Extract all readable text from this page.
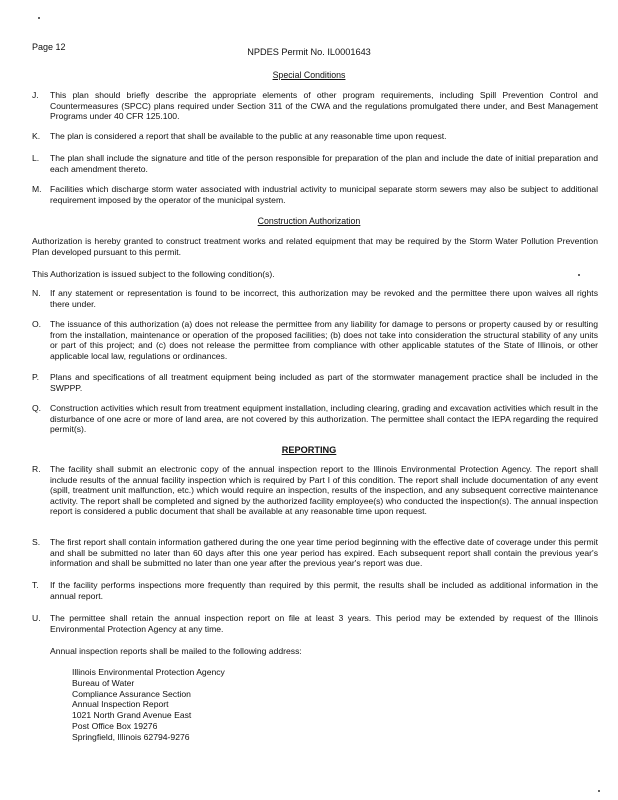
Page 12	NPDES Permit No. IL0001643
Special Conditions
J.	This plan should briefly describe the appropriate elements of other program requirements, including Spill Prevention Control and Countermeasures (SPCC) plans required under Section 311 of the CWA and the regulations promulgated there under, and Best Management Programs under 40 CFR 125.100.
K.	The plan is considered a report that shall be available to the public at any reasonable time upon request.
L.	The plan shall include the signature and title of the person responsible for preparation of the plan and include the date of initial preparation and each amendment thereto.
M. Facilities which discharge storm water associated with industrial activity to municipal separate storm sewers may also be subject to additional requirement imposed by the operator of the municipal system.
Construction Authorization
Authorization is hereby granted to construct treatment works and related equipment that may be required by the Storm Water Pollution Prevention Plan developed pursuant to this permit.
This Authorization is issued subject to the following condition(s).
N.	If any statement or representation is found to be incorrect, this authorization may be revoked and the permittee there upon waives all rights there under.
O.	The issuance of this authorization (a) does not release the permittee from any liability for damage to persons or property caused by or resulting from the installation, maintenance or operation of the proposed facilities; (b) does not take into consideration the structural stability of any units or part of this project; and (c) does not release the permittee from compliance with other applicable statutes of the State of Illinois, or other applicable local law, regulations or ordinances.
P.	Plans and specifications of all treatment equipment being included as part of the stormwater management practice shall be included in the SWPPP.
Q.	Construction activities which result from treatment equipment installation, including clearing, grading and excavation activities which result in the disturbance of one acre or more of land area, are not covered by this authorization. The permittee shall contact the IEPA regarding the required permit(s).
REPORTING
R.	The facility shall submit an electronic copy of the annual inspection report to the Illinois Environmental Protection Agency. The report shall include results of the annual facility inspection which is required by Part I of this condition. The report shall include documentation of any event (spill, treatment unit malfunction, etc.) which would require an inspection, results of the inspection, and any subsequent corrective maintenance activity. The report shall be completed and signed by the authorized facility employee(s) who conducted the inspection(s). The annual inspection report is considered a public document that shall be available at any reasonable time upon request.
S.	The first report shall contain information gathered during the one year time period beginning with the effective date of coverage under this permit and shall be submitted no later than 60 days after this one year period has expired. Each subsequent report shall contain the previous year's information and shall be submitted no later than one year after the previous year's report was due.
T.	If the facility performs inspections more frequently than required by this permit, the results shall be included as additional information in the annual report.
U.	The permittee shall retain the annual inspection report on file at least 3 years. This period may be extended by request of the Illinois Environmental Protection Agency at any time.
Annual inspection reports shall be mailed to the following address:
Illinois Environmental Protection Agency
Bureau of Water
Compliance Assurance Section
Annual Inspection Report
1021 North Grand Avenue East
Post Office Box 19276
Springfield, Illinois 62794-9276
